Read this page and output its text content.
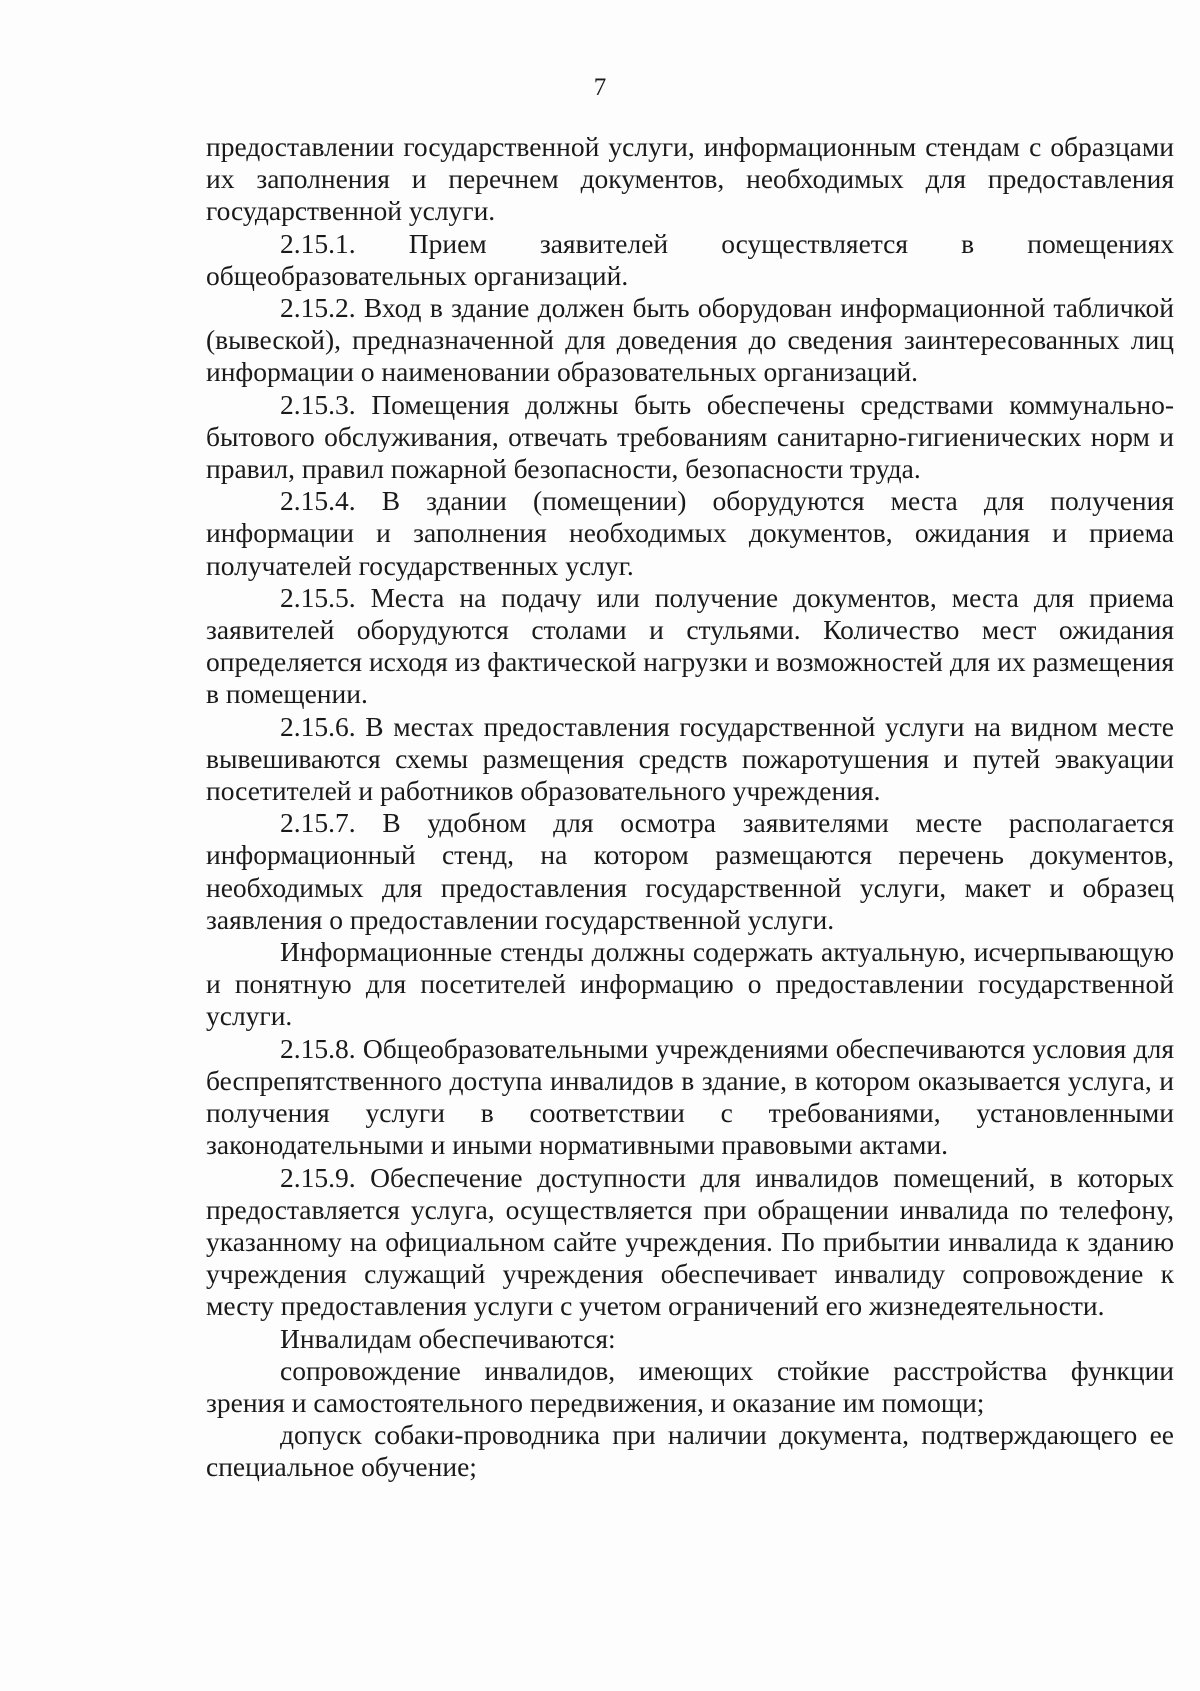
7

предоставлении государственной услуги, информационным стендам с образцами их заполнения и перечнем документов, необходимых для предоставления государственной услуги.

2.15.1. Прием заявителей осуществляется в помещениях общеобразовательных организаций.

2.15.2. Вход в здание должен быть оборудован информационной табличкой (вывеской), предназначенной для доведения до сведения заинтересованных лиц информации о наименовании образовательных организаций.

2.15.3. Помещения должны быть обеспечены средствами коммунально-бытового обслуживания, отвечать требованиям санитарно-гигиенических норм и правил, правил пожарной безопасности, безопасности труда.

2.15.4. В здании (помещении) оборудуются места для получения информации и заполнения необходимых документов, ожидания и приема получателей государственных услуг.

2.15.5. Места на подачу или получение документов, места для приема заявителей оборудуются столами и стульями. Количество мест ожидания определяется исходя из фактической нагрузки и возможностей для их размещения в помещении.

2.15.6. В местах предоставления государственной услуги на видном месте вывешиваются схемы размещения средств пожаротушения и путей эвакуации посетителей и работников образовательного учреждения.

2.15.7. В удобном для осмотра заявителями месте располагается информационный стенд, на котором размещаются перечень документов, необходимых для предоставления государственной услуги, макет и образец заявления о предоставлении государственной услуги.

Информационные стенды должны содержать актуальную, исчерпывающую и понятную для посетителей информацию о предоставлении государственной услуги.

2.15.8. Общеобразовательными учреждениями обеспечиваются условия для беспрепятственного доступа инвалидов в здание, в котором оказывается услуга, и получения услуги в соответствии с требованиями, установленными законодательными и иными нормативными правовыми актами.

2.15.9. Обеспечение доступности для инвалидов помещений, в которых предоставляется услуга, осуществляется при обращении инвалида по телефону, указанному на официальном сайте учреждения. По прибытии инвалида к зданию учреждения служащий учреждения обеспечивает инвалиду сопровождение к месту предоставления услуги с учетом ограничений его жизнедеятельности.

Инвалидам обеспечиваются:

сопровождение инвалидов, имеющих стойкие расстройства функции зрения и самостоятельного передвижения, и оказание им помощи;

допуск собаки-проводника при наличии документа, подтверждающего ее специальное обучение;
